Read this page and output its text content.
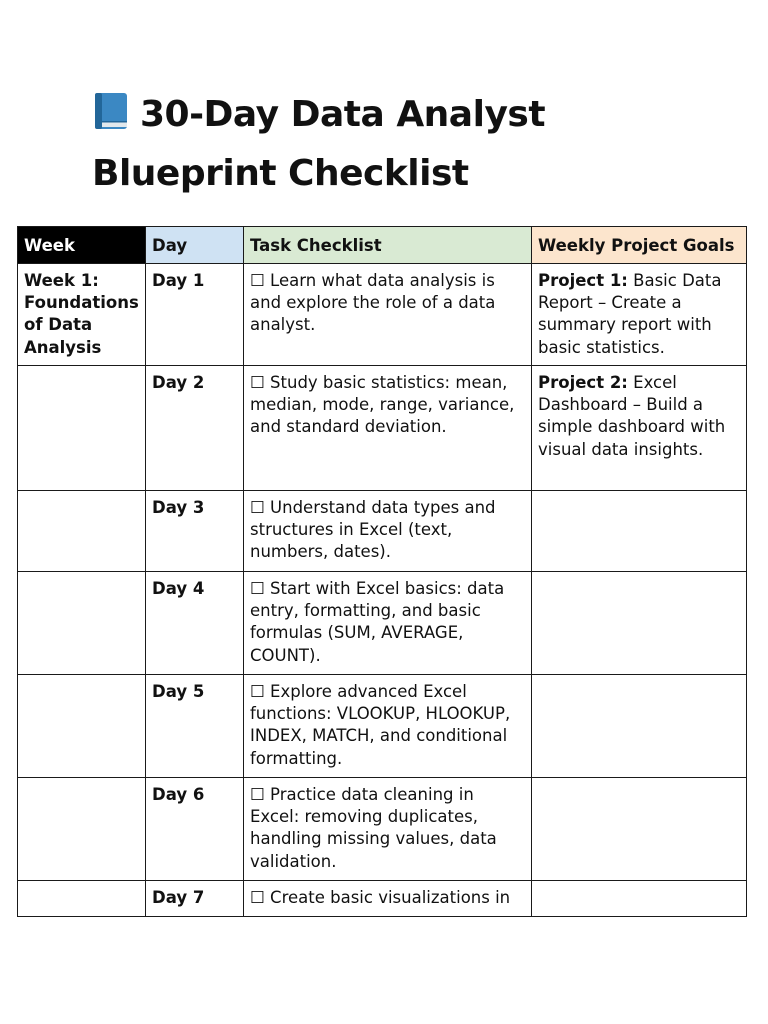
30-Day Data Analyst
Blueprint Checklist
Week	Day	Task Checklist	Weekly Project Goals
Week 1: Foundations of Data Analysis	Day 1	☐ Learn what data analysis is and explore the role of a data analyst.	Project 1: Basic Data Report – Create a summary report with basic statistics.
	Day 2	☐ Study basic statistics: mean, median, mode, range, variance, and standard deviation.	Project 2: Excel Dashboard – Build a simple dashboard with visual data insights.
	Day 3	☐ Understand data types and structures in Excel (text, numbers, dates).	
	Day 4	☐ Start with Excel basics: data entry, formatting, and basic formulas (SUM, AVERAGE, COUNT).	
	Day 5	☐ Explore advanced Excel functions: VLOOKUP, HLOOKUP, INDEX, MATCH, and conditional formatting.	
	Day 6	☐ Practice data cleaning in Excel: removing duplicates, handling missing values, data validation.	
	Day 7	☐ Create basic visualizations in	
